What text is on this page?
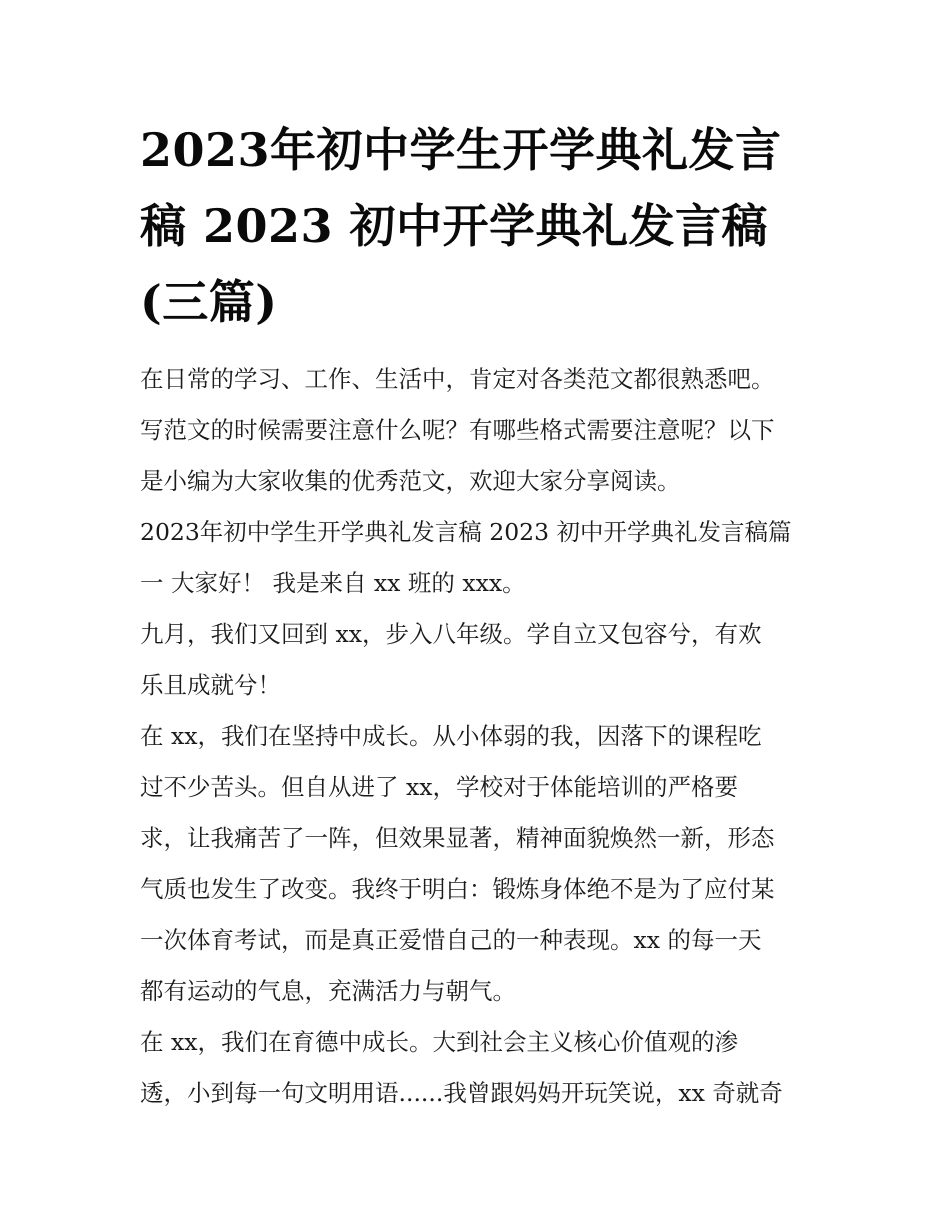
2023年初中学生开学典礼发言
稿 2023 初中开学典礼发言稿
(三篇)
在日常的学习、工作、生活中，肯定对各类范文都很熟悉吧。
写范文的时候需要注意什么呢？有哪些格式需要注意呢？以下
是小编为大家收集的优秀范文，欢迎大家分享阅读。
2023年初中学生开学典礼发言稿 2023 初中开学典礼发言稿篇
一 大家好！ 我是来自 xx 班的 xxx。
九月，我们又回到 xx，步入八年级。学自立又包容兮，有欢
乐且成就兮！
在 xx，我们在坚持中成长。从小体弱的我，因落下的课程吃
过不少苦头。但自从进了 xx，学校对于体能培训的严格要
求，让我痛苦了一阵，但效果显著，精神面貌焕然一新，形态
气质也发生了改变。我终于明白：锻炼身体绝不是为了应付某
一次体育考试，而是真正爱惜自己的一种表现。xx 的每一天
都有运动的气息，充满活力与朝气。
在 xx，我们在育德中成长。大到社会主义核心价值观的渗
透，小到每一句文明用语......我曾跟妈妈开玩笑说，xx 奇就奇
